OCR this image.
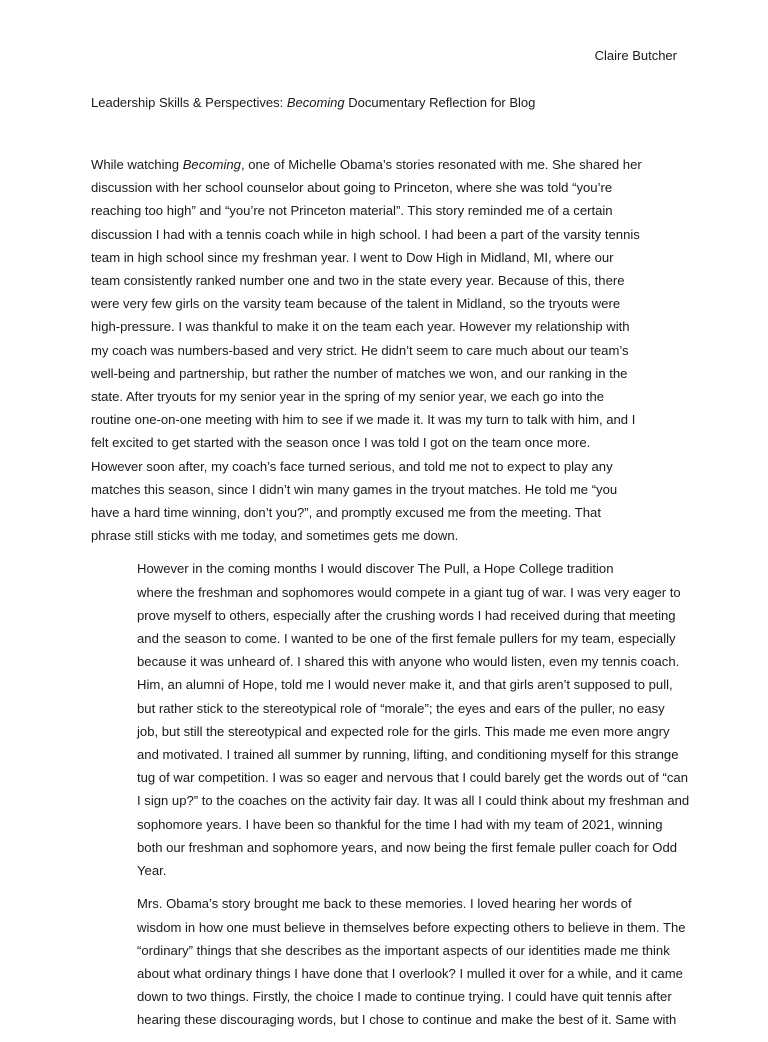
Claire Butcher
Leadership Skills & Perspectives: Becoming Documentary Reflection for Blog
While watching Becoming, one of Michelle Obama’s stories resonated with me. She shared her
discussion with her school counselor about going to Princeton, where she was told “you’re
reaching too high” and “you’re not Princeton material”. This story reminded me of a certain
discussion I had with a tennis coach while in high school. I had been a part of the varsity tennis
team in high school since my freshman year. I went to Dow High in Midland, MI, where our
team consistently ranked number one and two in the state every year. Because of this, there
were very few girls on the varsity team because of the talent in Midland, so the tryouts were
high-pressure. I was thankful to make it on the team each year. However my relationship with
my coach was numbers-based and very strict. He didn’t seem to care much about our team’s
well-being and partnership, but rather the number of matches we won, and our ranking in the
state. After tryouts for my senior year in the spring of my senior year, we each go into the
routine one-on-one meeting with him to see if we made it. It was my turn to talk with him, and I
felt excited to get started with the season once I was told I got on the team once more.
However soon after, my coach’s face turned serious, and told me not to expect to play any
matches this season, since I didn’t win many games in the tryout matches. He told me “you
have a hard time winning, don’t you?”, and promptly excused me from the meeting. That
phrase still sticks with me today, and sometimes gets me down.
However in the coming months I would discover The Pull, a Hope College tradition
where the freshman and sophomores would compete in a giant tug of war. I was very eager to
prove myself to others, especially after the crushing words I had received during that meeting
and the season to come. I wanted to be one of the first female pullers for my team, especially
because it was unheard of. I shared this with anyone who would listen, even my tennis coach.
Him, an alumni of Hope, told me I would never make it, and that girls aren’t supposed to pull,
but rather stick to the stereotypical role of “morale”; the eyes and ears of the puller, no easy
job, but still the stereotypical and expected role for the girls. This made me even more angry
and motivated. I trained all summer by running, lifting, and conditioning myself for this strange
tug of war competition. I was so eager and nervous that I could barely get the words out of “can
I sign up?” to the coaches on the activity fair day. It was all I could think about my freshman and
sophomore years. I have been so thankful for the time I had with my team of 2021, winning
both our freshman and sophomore years, and now being the first female puller coach for Odd
Year.
Mrs. Obama’s story brought me back to these memories. I loved hearing her words of
wisdom in how one must believe in themselves before expecting others to believe in them. The
“ordinary” things that she describes as the important aspects of our identities made me think
about what ordinary things I have done that I overlook? I mulled it over for a while, and it came
down to two things. Firstly, the choice I made to continue trying. I could have quit tennis after
hearing these discouraging words, but I chose to continue and make the best of it. Same with
